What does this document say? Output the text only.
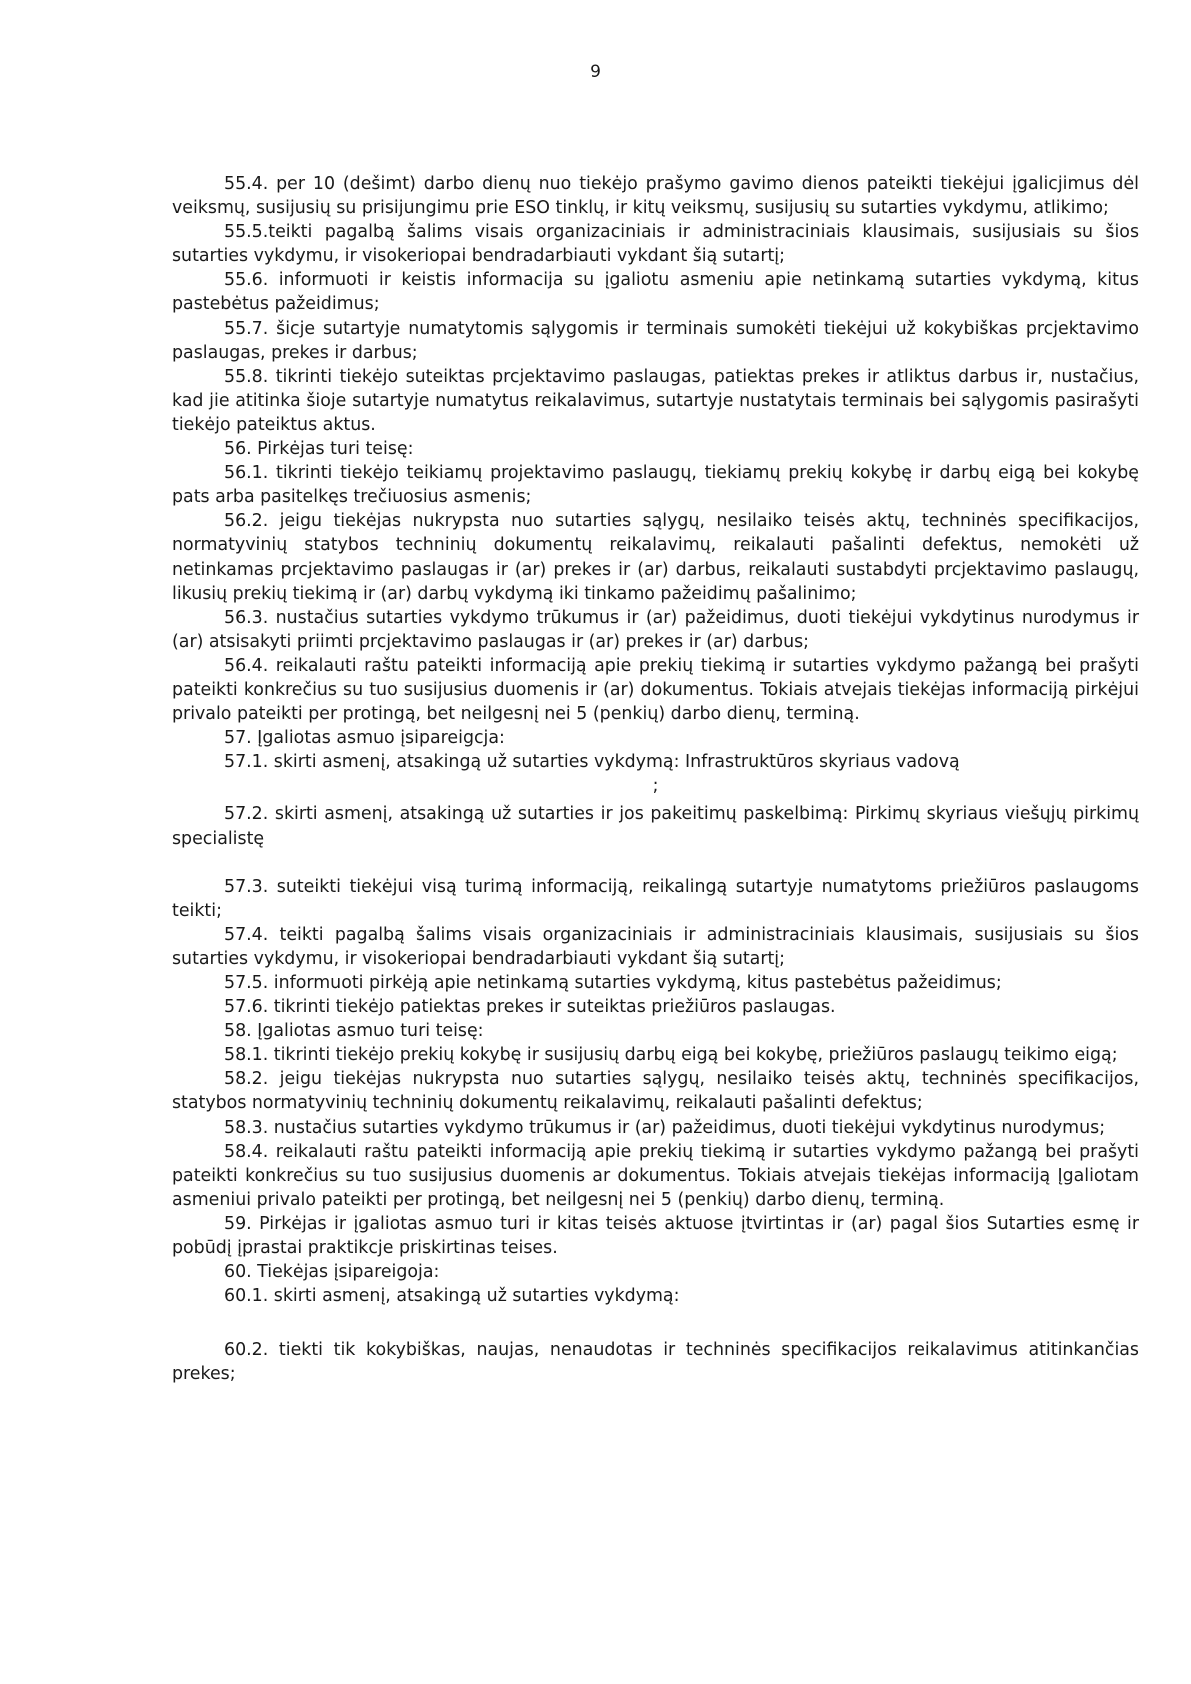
9

55.4. per 10 (dešimt) darbo dienų nuo tiekėjo prašymo gavimo dienos pateikti tiekėjui įgalicjimus dėl veiksmų, susijusių su prisijungimu prie ESO tinklų, ir kitų veiksmų, susijusių su sutarties vykdymu, atlikimo;

55.5.teikti pagalbą šalims visais organizaciniais ir administraciniais klausimais, susijusiais su šios sutarties vykdymu, ir visokeriopai bendradarbiauti vykdant šią sutartį;

55.6. informuoti ir keistis informacija su įgaliotu asmeniu apie netinkamą sutarties vykdymą, kitus pastebėtus pažeidimus;

55.7. šicje sutartyje numatytomis sąlygomis ir terminais sumokėti tiekėjui už kokybiškas prcjektavimo paslaugas, prekes ir darbus;

55.8. tikrinti tiekėjo suteiktas prcjektavimo paslaugas, patiektas prekes ir atliktus darbus ir, nustačius, kad jie atitinka šioje sutartyje numatytus reikalavimus, sutartyje nustatytais terminais bei sąlygomis pasirašyti tiekėjo pateiktus aktus.

56. Pirkėjas turi teisę:

56.1. tikrinti tiekėjo teikiamų projektavimo paslaugų, tiekiamų prekių kokybę ir darbų eigą bei kokybę pats arba pasitelkęs trečiuosius asmenis;

56.2. jeigu tiekėjas nukrypsta nuo sutarties sąlygų, nesilaiko teisės aktų, techninės specifikacijos, normatyvinių statybos techninių dokumentų reikalavimų, reikalauti pašalinti defektus, nemokėti už netinkamas prcjektavimo paslaugas ir (ar) prekes ir (ar) darbus, reikalauti sustabdyti prcjektavimo paslaugų, likusių prekių tiekimą ir (ar) darbų vykdymą iki tinkamo pažeidimų pašalinimo;

56.3. nustačius sutarties vykdymo trūkumus ir (ar) pažeidimus, duoti tiekėjui vykdytinus nurodymus ir (ar) atsisakyti priimti prcjektavimo paslaugas ir (ar) prekes ir (ar) darbus;

56.4. reikalauti raštu pateikti informaciją apie prekių tiekimą ir sutarties vykdymo pažangą bei prašyti pateikti konkrečius su tuo susijusius duomenis ir (ar) dokumentus. Tokiais atvejais tiekėjas informaciją pirkėjui privalo pateikti per protingą, bet neilgesnį nei 5 (penkių) darbo dienų, terminą.

57. Įgaliotas asmuo įsipareigcja:

57.1. skirti asmenį, atsakingą už sutarties vykdymą: Infrastruktūros skyriaus vadovą

;

57.2. skirti asmenį, atsakingą už sutarties ir jos pakeitimų paskelbimą: Pirkimų skyriaus viešųjų pirkimų specialistę

57.3. suteikti tiekėjui visą turimą informaciją, reikalingą sutartyje numatytoms priežiūros paslaugoms teikti;

57.4. teikti pagalbą šalims visais organizaciniais ir administraciniais klausimais, susijusiais su šios sutarties vykdymu, ir visokeriopai bendradarbiauti vykdant šią sutartį;

57.5. informuoti pirkėją apie netinkamą sutarties vykdymą, kitus pastebėtus pažeidimus;

57.6. tikrinti tiekėjo patiektas prekes ir suteiktas priežiūros paslaugas.

58. Įgaliotas asmuo turi teisę:

58.1. tikrinti tiekėjo prekių kokybę ir susijusių darbų eigą bei kokybę, priežiūros paslaugų teikimo eigą;

58.2. jeigu tiekėjas nukrypsta nuo sutarties sąlygų, nesilaiko teisės aktų, techninės specifikacijos, statybos normatyvinių techninių dokumentų reikalavimų, reikalauti pašalinti defektus;

58.3. nustačius sutarties vykdymo trūkumus ir (ar) pažeidimus, duoti tiekėjui vykdytinus nurodymus;

58.4. reikalauti raštu pateikti informaciją apie prekių tiekimą ir sutarties vykdymo pažangą bei prašyti pateikti konkrečius su tuo susijusius duomenis ar dokumentus. Tokiais atvejais tiekėjas informaciją Įgaliotam asmeniui privalo pateikti per protingą, bet neilgesnį nei 5 (penkių) darbo dienų, terminą.

59. Pirkėjas ir įgaliotas asmuo turi ir kitas teisės aktuose įtvirtintas ir (ar) pagal šios Sutarties esmę ir pobūdį įprastai praktikcje priskirtinas teises.

60. Tiekėjas įsipareigoja:

60.1. skirti asmenį, atsakingą už sutarties vykdymą:

60.2. tiekti tik kokybiškas, naujas, nenaudotas ir techninės specifikacijos reikalavimus atitinkančias prekes;
